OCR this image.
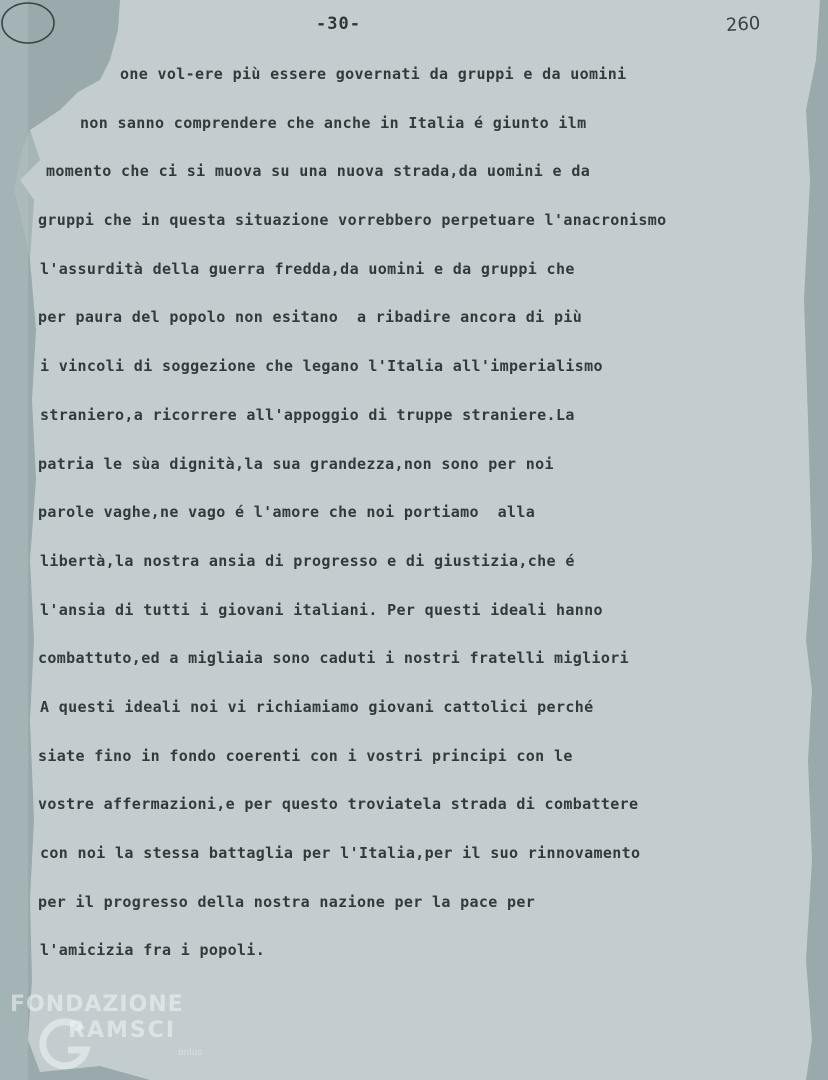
-30-	260
one vol-ere più essere governati da gruppi e da uomini
non sanno comprendere che anche in Italia é giunto ilm
momento che ci si muova su una nuova strada,da uomini e da
gruppi che in questa situazione vorrebbero perpetuare l'anacronismo
l'assurdità della guerra fredda,da uomini e da gruppi che
per paura del popolo non esitano  a ribadire ancora di più
i vincoli di soggezione che legano l'Italia all'imperialismo
straniero,a ricorrere all'appoggio di truppe straniere.La
patria le sùa dignità,la sua grandezza,non sono per noi
parole vaghe,ne vago é l'amore che noi portiamo  alla
libertà,la nostra ansia di progresso e di giustizia,che é
l'ansia di tutti i giovani italiani. Per questi ideali hanno
combattuto,ed a migliaia sono caduti i nostri fratelli migliori
A questi ideali noi vi richiamiamo giovani cattolici perché
siate fino in fondo coerenti con i vostri principi con le
vostre affermazioni,e per questo troviatela strada di combattere
con noi la stessa battaglia per l'Italia,per il suo rinnovamento
per il progresso della nostra nazione per la pace per
l'amicizia fra i popoli.
FONDAZIONE
RAMSCI
onlus
